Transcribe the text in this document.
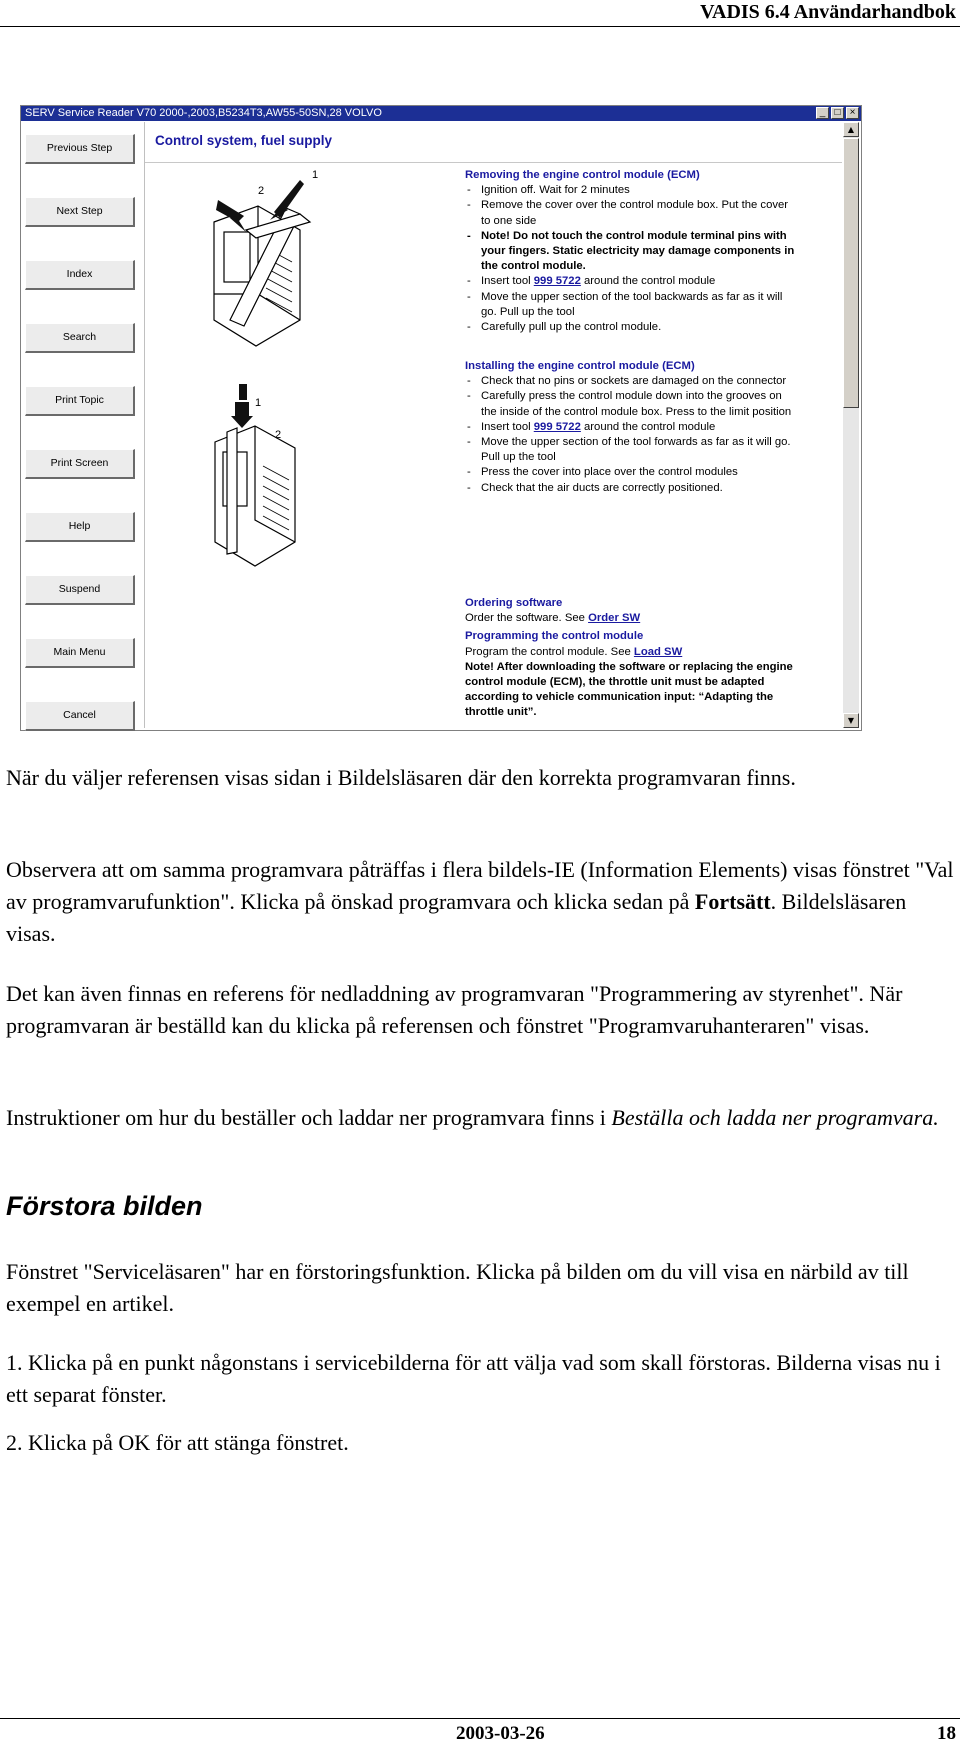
VADIS 6.4 Användarhandbok
SERV Service Reader V70 2000-,2003,B5234T3,AW55-50SN,28 VOLVO	_ □ ×
Previous Step
Next Step
Index
Search
Print Topic
Print Screen
Help
Suspend
Main Menu
Cancel
Control system, fuel supply
2
1
1
2
Removing the engine control module (ECM)
- Ignition off. Wait for 2 minutes
- Remove the cover over the control module box. Put the cover to one side
- Note! Do not touch the control module terminal pins with your fingers. Static electricity may damage components in the control module.
- Insert tool 999 5722 around the control module
- Move the upper section of the tool backwards as far as it will go. Pull up the tool
- Carefully pull up the control module.
Installing the engine control module (ECM)
- Check that no pins or sockets are damaged on the connector
- Carefully press the control module down into the grooves on the inside of the control module box. Press to the limit position
- Insert tool 999 5722 around the control module
- Move the upper section of the tool forwards as far as it will go. Pull up the tool
- Press the cover into place over the control modules
- Check that the air ducts are correctly positioned.
Ordering software

Order the software. See Order SW

Programming the control module

Program the control module. See Load SW

Note! After downloading the software or replacing the engine control module (ECM), the throttle unit must be adapted according to vehicle communication input: “Adapting the throttle unit”.

▲
▼
När du väljer referensen visas sidan i Bildelsläsaren där den korrekta programvaran finns.
Observera att om samma programvara påträffas i flera bildels-IE (Information Elements) visas fönstret "Val av programvarufunktion". Klicka på önskad programvara och klicka sedan på Fortsätt. Bildelsläsaren visas.
Det kan även finnas en referens för nedladdning av programvaran "Programmering av styrenhet". När programvaran är beställd kan du klicka på referensen och fönstret "Programvaruhanteraren" visas.
Instruktioner om hur du beställer och laddar ner programvara finns i Beställa och ladda ner programvara.
Förstora bilden
Fönstret "Serviceläsaren" har en förstoringsfunktion. Klicka på bilden om du vill visa en närbild av till exempel en artikel.
1. Klicka på en punkt någonstans i servicebilderna för att välja vad som skall förstoras. Bilderna visas nu i ett separat fönster.
2. Klicka på OK för att stänga fönstret.
2003-03-26	18
